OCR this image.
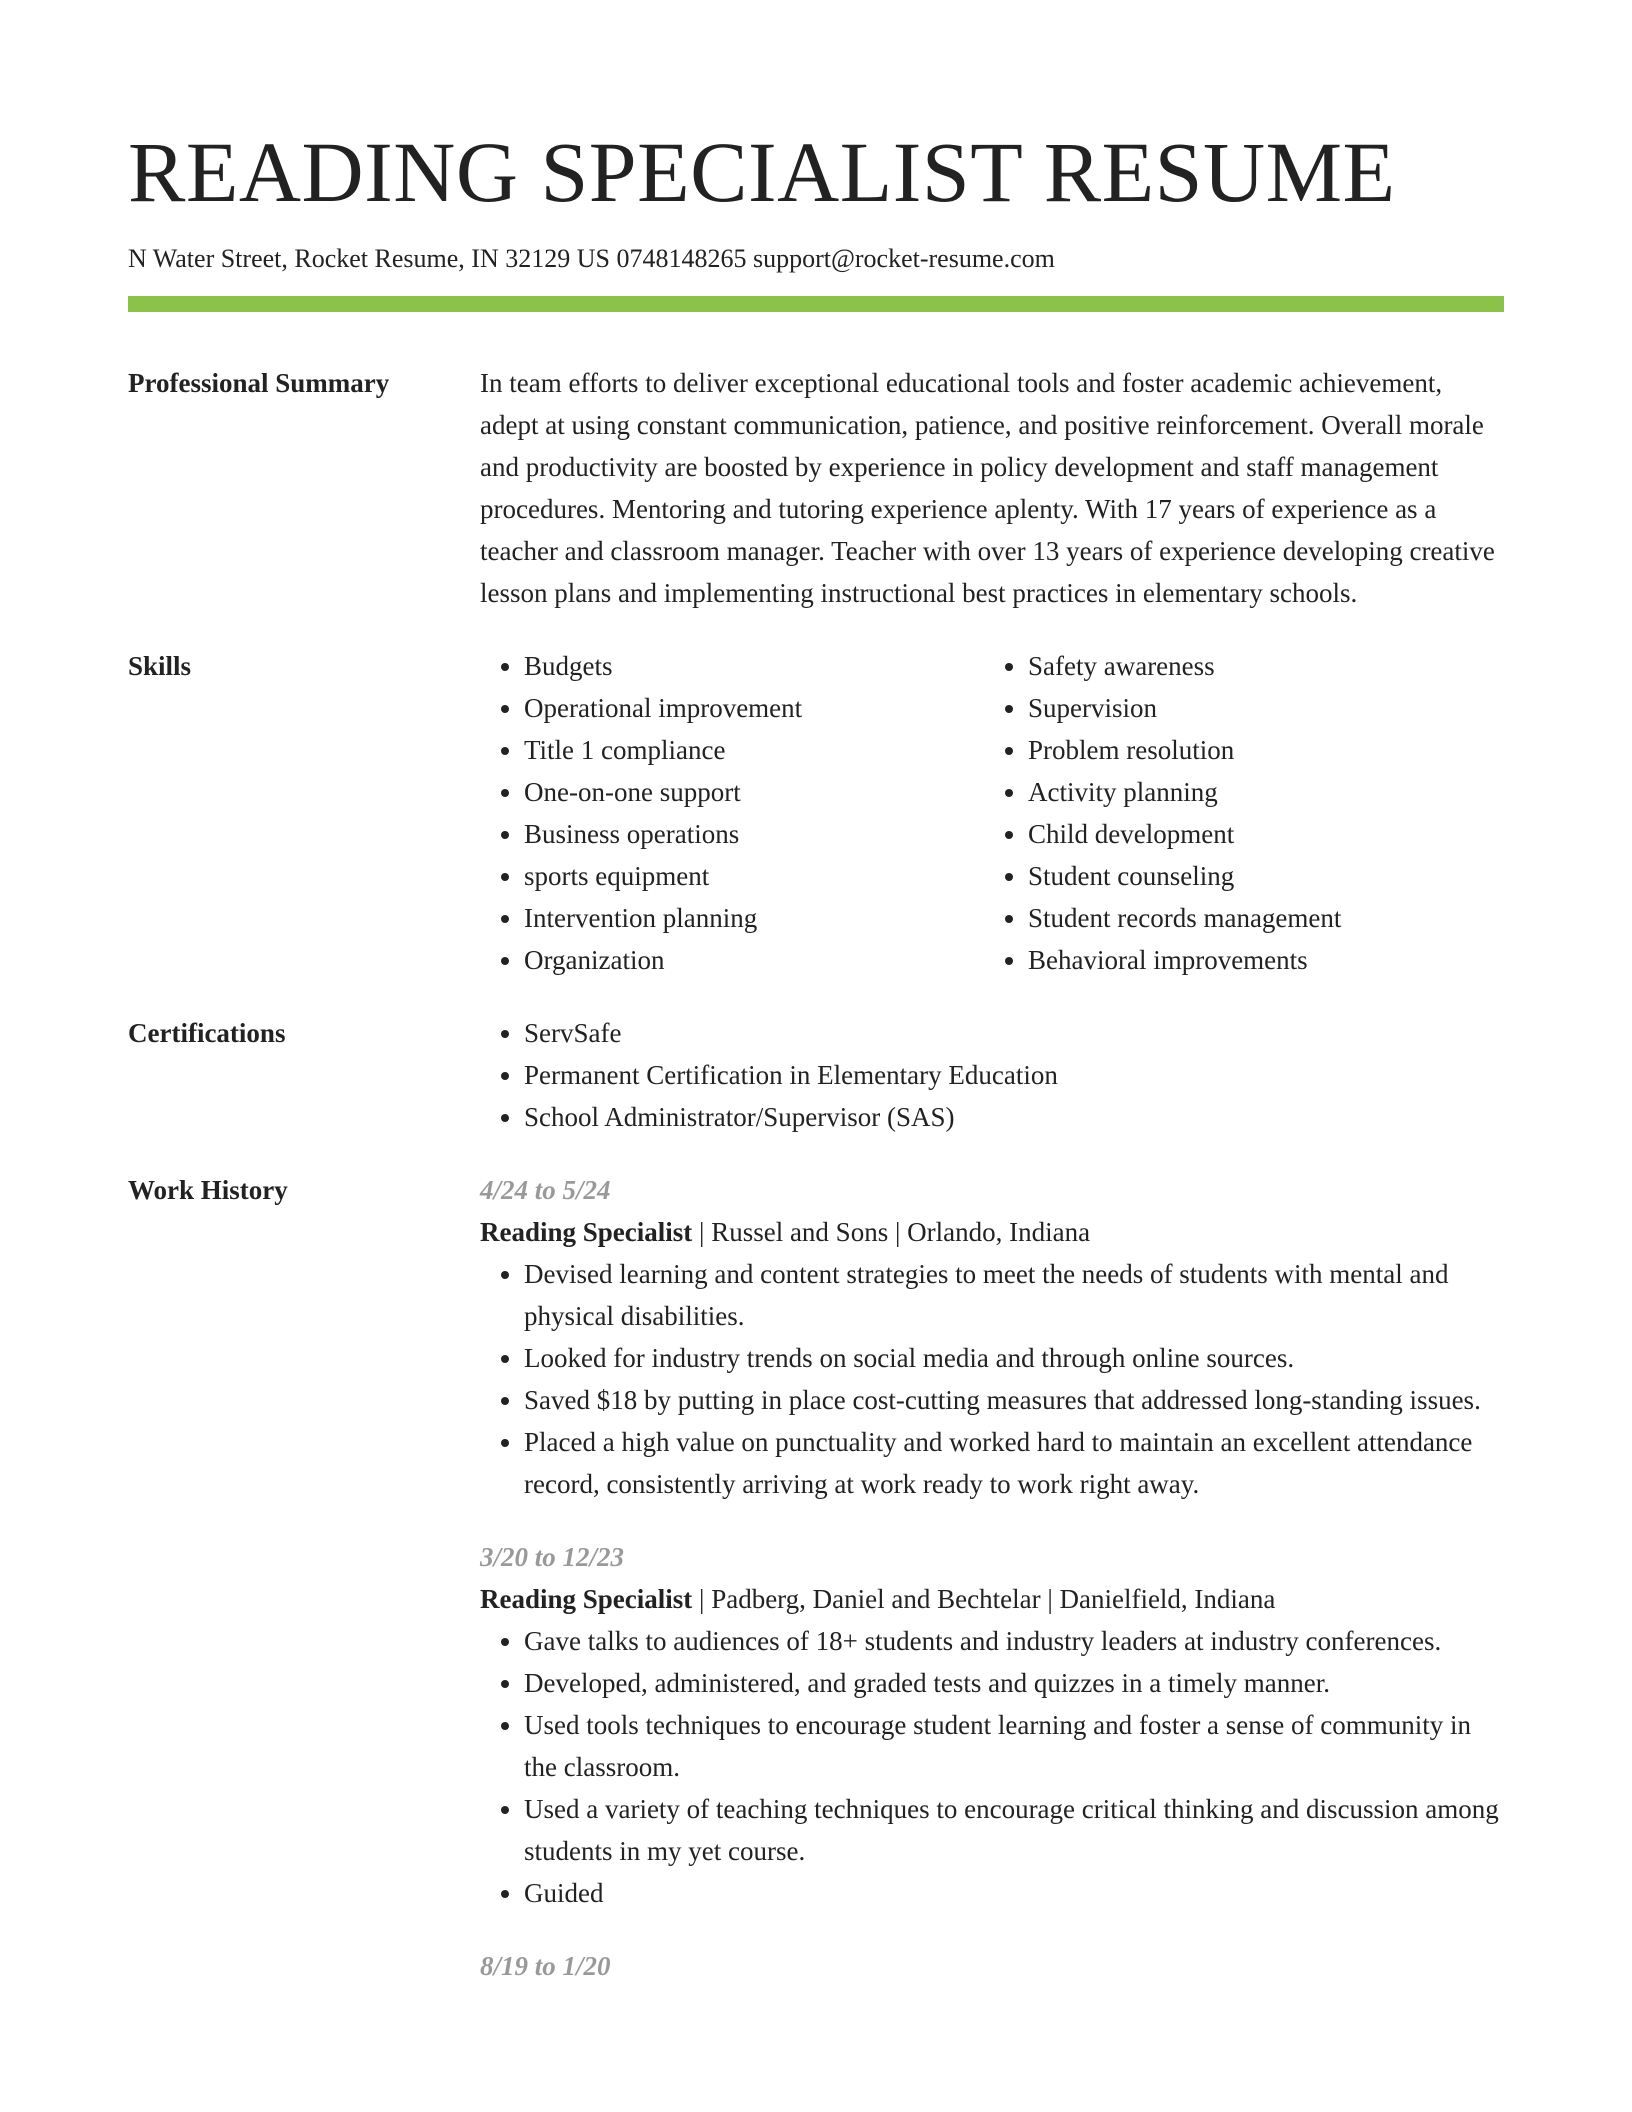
READING SPECIALIST RESUME
N Water Street, Rocket Resume, IN 32129 US 0748148265 support@rocket-resume.com
Professional Summary	In team efforts to deliver exceptional educational tools and foster academic achievement, adept at using constant communication, patience, and positive reinforcement. Overall morale and productivity are boosted by experience in policy development and staff management procedures. Mentoring and tutoring experience aplenty. With 17 years of experience as a teacher and classroom manager. Teacher with over 13 years of experience developing creative lesson plans and implementing instructional best practices in elementary schools.

Skills	• Budgets
• Operational improvement
• Title 1 compliance
• One-on-one support
• Business operations
• sports equipment
• Intervention planning
• Organization
• Safety awareness
• Supervision
• Problem resolution
• Activity planning
• Child development
• Student counseling
• Student records management
• Behavioral improvements
Certifications	• ServSafe
• Permanent Certification in Elementary Education
• School Administrator/Supervisor (SAS)
Work History	4/24 to 5/24
Reading Specialist | Russel and Sons | Orlando, Indiana
• Devised learning and content strategies to meet the needs of students with mental and physical disabilities.
• Looked for industry trends on social media and through online sources.
• Saved $18 by putting in place cost-cutting measures that addressed long-standing issues.
• Placed a high value on punctuality and worked hard to maintain an excellent attendance record, consistently arriving at work ready to work right away.
3/20 to 12/23
Reading Specialist | Padberg, Daniel and Bechtelar | Danielfield, Indiana
• Gave talks to audiences of 18+ students and industry leaders at industry conferences.
• Developed, administered, and graded tests and quizzes in a timely manner.
• Used tools techniques to encourage student learning and foster a sense of community in the classroom.
• Used a variety of teaching techniques to encourage critical thinking and discussion among students in my yet course.
• Guided
8/19 to 1/20
